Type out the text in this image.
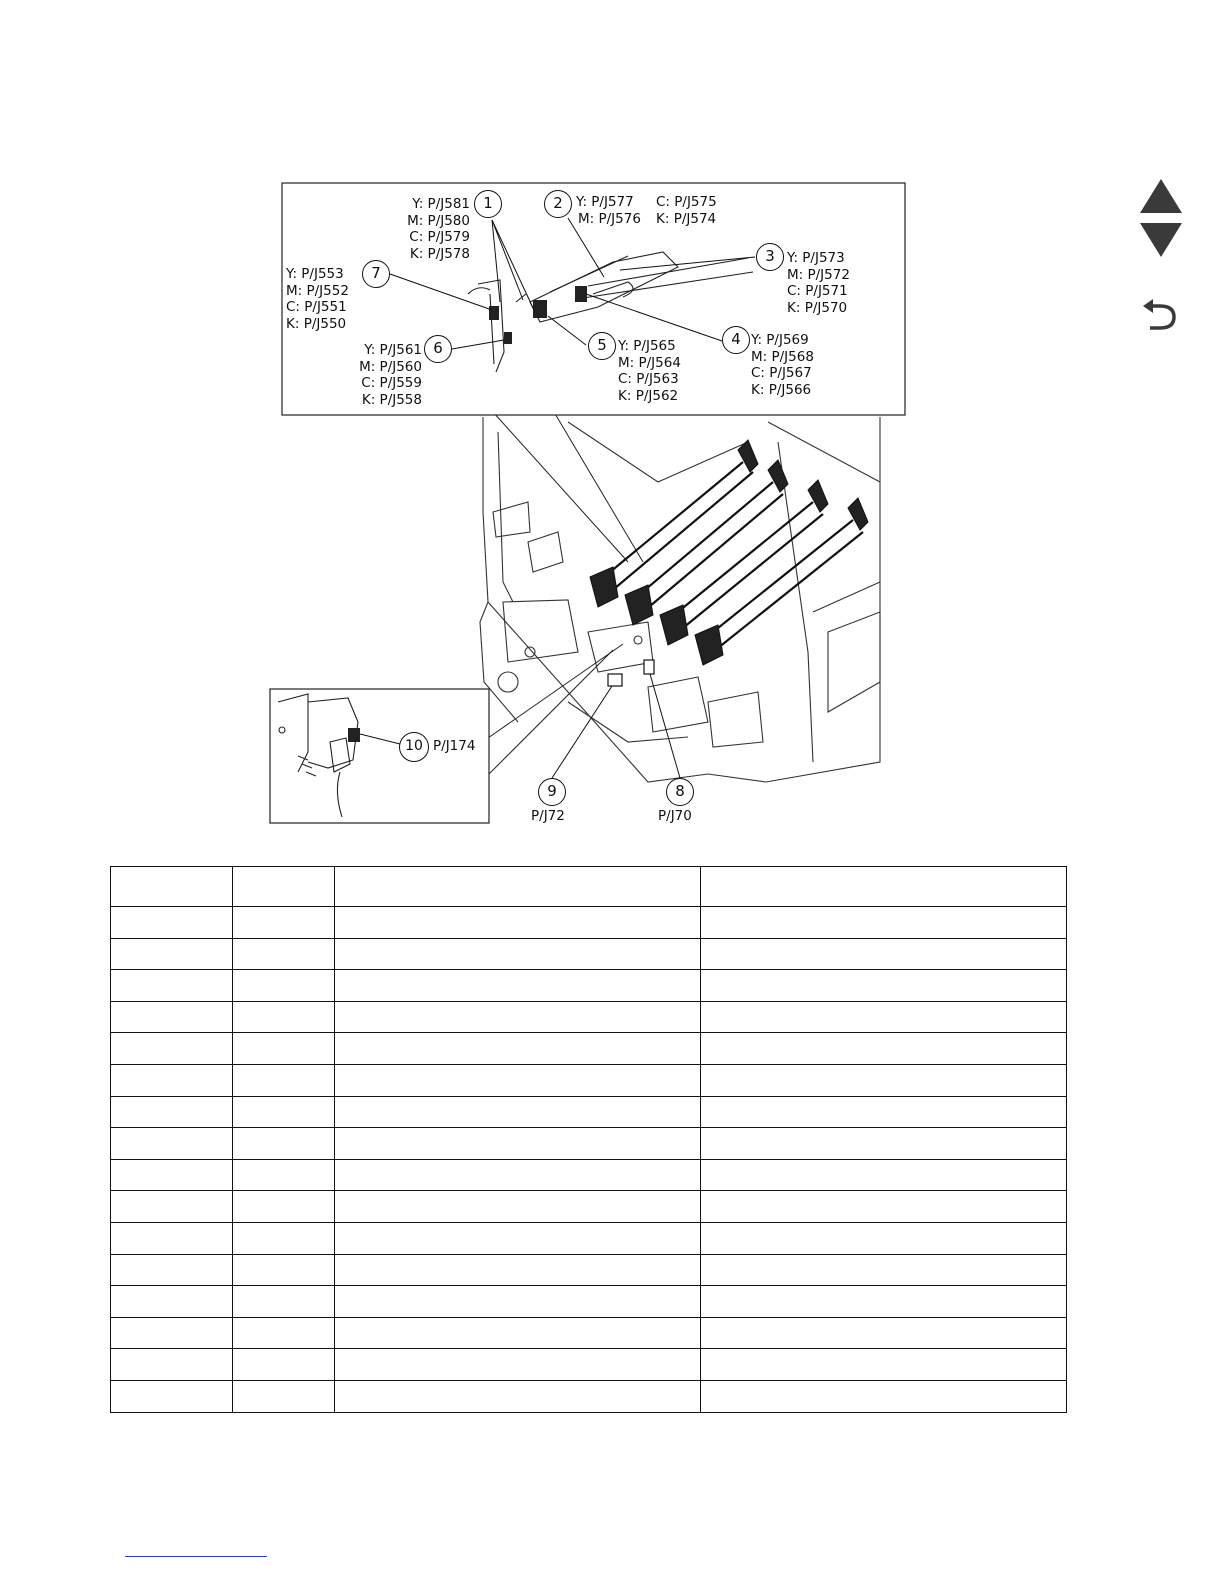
Y: P/J581
M: P/J580
C: P/J579
K: P/J578
1	2 Y: P/J577
M: P/J576
C: P/J575
K: P/J574
3 Y: P/J573
M: P/J572
C: P/J571
K: P/J570
Y: P/J553
M: P/J552
C: P/J551
K: P/J550
7
5 Y: P/J565
M: P/J564
C: P/J563
K: P/J562
4 Y: P/J569
M: P/J568
C: P/J567
K: P/J566
Y: P/J561
M: P/J560
C: P/J559
K: P/J558
6
10 P/J174
9
P/J72
8
P/J70
